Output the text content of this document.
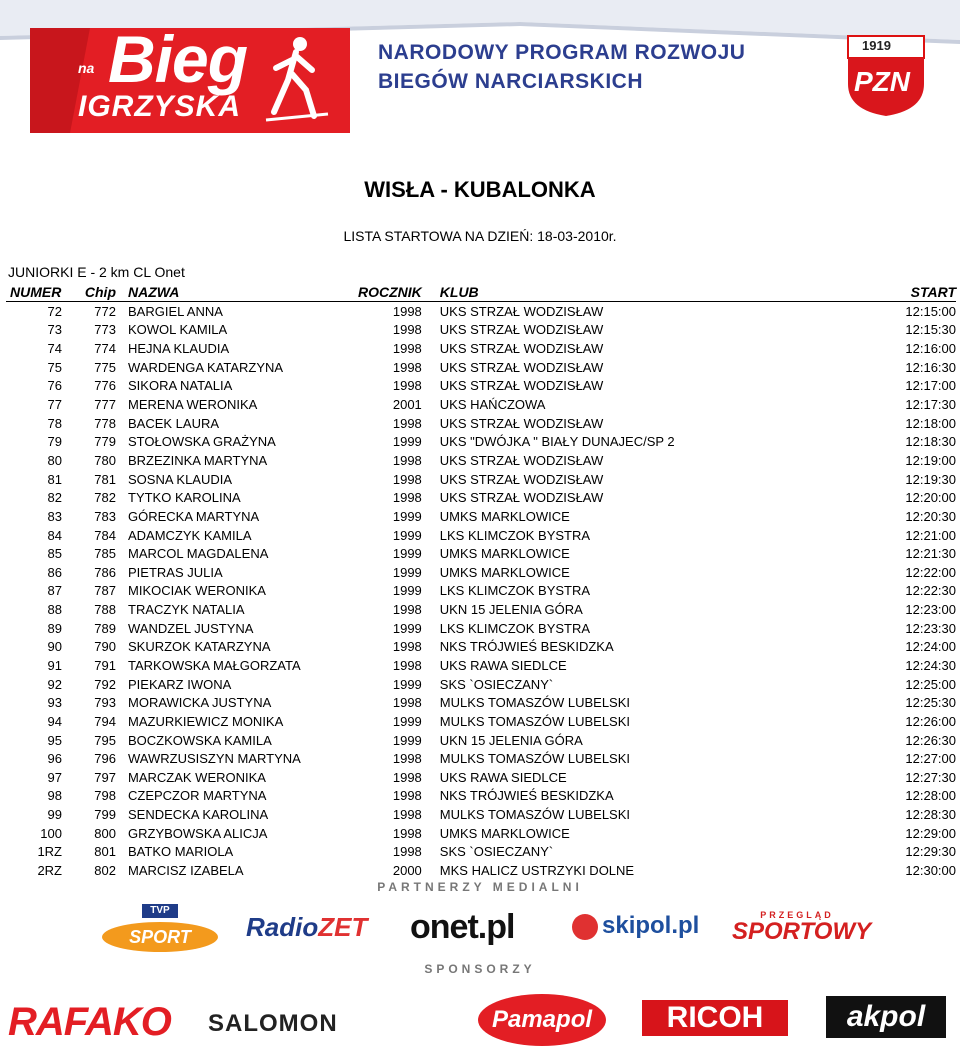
na Bieg
IGRZYSKA
NARODOWY PROGRAM ROZWOJU
BIEGÓW NARCIARSKICH
1919
PZN
WISŁA - KUBALONKA
LISTA STARTOWA NA DZIEŃ: 18-03-2010r.
JUNIORKI E - 2 km CL Onet
NUMER	Chip	NAZWA	ROCZNIK	KLUB	START
72	772	BARGIEL ANNA	1998	UKS STRZAŁ WODZISŁAW	12:15:00
73	773	KOWOL KAMILA	1998	UKS STRZAŁ WODZISŁAW	12:15:30
74	774	HEJNA KLAUDIA	1998	UKS STRZAŁ WODZISŁAW	12:16:00
75	775	WARDENGA KATARZYNA	1998	UKS STRZAŁ WODZISŁAW	12:16:30
76	776	SIKORA NATALIA	1998	UKS STRZAŁ WODZISŁAW	12:17:00
77	777	MERENA WERONIKA	2001	UKS HAŃCZOWA	12:17:30
78	778	BACEK LAURA	1998	UKS STRZAŁ WODZISŁAW	12:18:00
79	779	STOŁOWSKA GRAŻYNA	1999	UKS "DWÓJKA " BIAŁY DUNAJEC/SP 2	12:18:30
80	780	BRZEZINKA MARTYNA	1998	UKS STRZAŁ WODZISŁAW	12:19:00
81	781	SOSNA KLAUDIA	1998	UKS STRZAŁ WODZISŁAW	12:19:30
82	782	TYTKO KAROLINA	1998	UKS STRZAŁ WODZISŁAW	12:20:00
83	783	GÓRECKA MARTYNA	1999	UMKS MARKLOWICE	12:20:30
84	784	ADAMCZYK KAMILA	1999	LKS KLIMCZOK BYSTRA	12:21:00
85	785	MARCOL MAGDALENA	1999	UMKS MARKLOWICE	12:21:30
86	786	PIETRAS JULIA	1999	UMKS MARKLOWICE	12:22:00
87	787	MIKOCIAK WERONIKA	1999	LKS KLIMCZOK BYSTRA	12:22:30
88	788	TRACZYK NATALIA	1998	UKN 15 JELENIA GÓRA	12:23:00
89	789	WANDZEL JUSTYNA	1999	LKS KLIMCZOK BYSTRA	12:23:30
90	790	SKURZOK KATARZYNA	1998	NKS TRÓJWIEŚ BESKIDZKA	12:24:00
91	791	TARKOWSKA MAŁGORZATA	1998	UKS RAWA SIEDLCE	12:24:30
92	792	PIEKARZ IWONA	1999	SKS `OSIECZANY`	12:25:00
93	793	MORAWICKA JUSTYNA	1998	MULKS TOMASZÓW LUBELSKI	12:25:30
94	794	MAZURKIEWICZ MONIKA	1999	MULKS TOMASZÓW LUBELSKI	12:26:00
95	795	BOCZKOWSKA KAMILA	1999	UKN 15 JELENIA GÓRA	12:26:30
96	796	WAWRZUSISZYN MARTYNA	1998	MULKS TOMASZÓW LUBELSKI	12:27:00
97	797	MARCZAK WERONIKA	1998	UKS RAWA SIEDLCE	12:27:30
98	798	CZEPCZOR MARTYNA	1998	NKS TRÓJWIEŚ BESKIDZKA	12:28:00
99	799	SENDECKA KAROLINA	1998	MULKS TOMASZÓW LUBELSKI	12:28:30
100	800	GRZYBOWSKA ALICJA	1998	UMKS MARKLOWICE	12:29:00
1RZ	801	BATKO MARIOLA	1998	SKS `OSIECZANY`	12:29:30
2RZ	802	MARCISZ IZABELA	2000	MKS HALICZ USTRZYKI DOLNE	12:30:00
PARTNERZY MEDIALNI
TVP
SPORT	RadioZET onet.pl	skipol.pl	PRZEGLĄD
SPORTOWY
SPONSORZY
RAFAKO SALOMON	Pamapol	RICOH	akpol
